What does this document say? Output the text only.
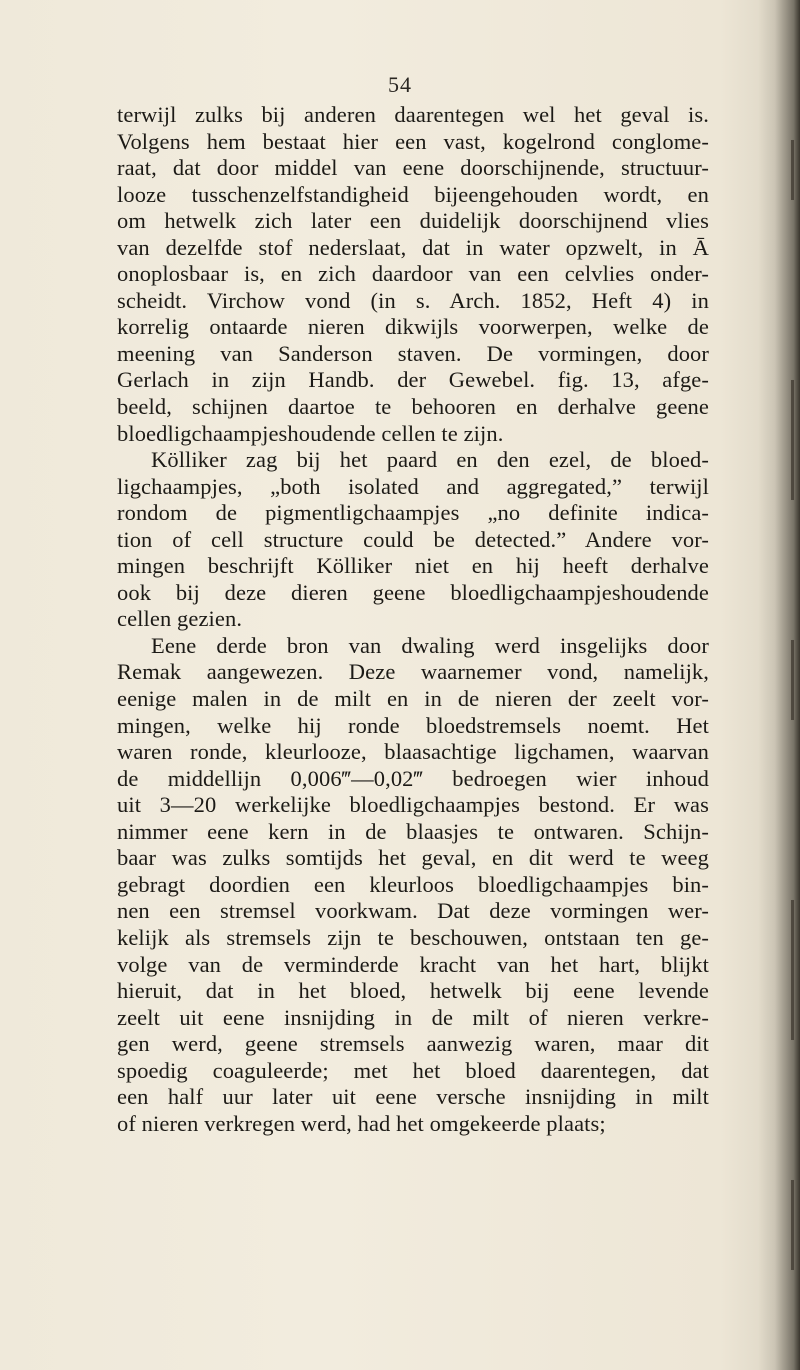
54
terwijl zulks bij anderen daarentegen wel het geval is.
Volgens hem bestaat hier een vast, kogelrond conglome-
raat, dat door middel van eene doorschijnende, structuur-
looze tusschenzelfstandigheid bijeengehouden wordt, en
om hetwelk zich later een duidelijk doorschijnend vlies
van dezelfde stof nederslaat, dat in water opzwelt, in Ā
onoplosbaar is, en zich daardoor van een celvlies onder-
scheidt. Virchow vond (in s. Arch. 1852, Heft 4) in
korrelig ontaarde nieren dikwijls voorwerpen, welke de
meening van Sanderson staven. De vormingen, door
Gerlach in zijn Handb. der Gewebel. fig. 13, afge-
beeld, schijnen daartoe te behooren en derhalve geene
bloedligchaampjeshoudende cellen te zijn.
Kölliker zag bij het paard en den ezel, de bloed-
ligchaampjes, „both isolated and aggregated,” terwijl
rondom de pigmentligchaampjes „no definite indica-
tion of cell structure could be detected.” Andere vor-
mingen beschrijft Kölliker niet en hij heeft derhalve
ook bij deze dieren geene bloedligchaampjeshoudende
cellen gezien.
Eene derde bron van dwaling werd insgelijks door
Remak aangewezen. Deze waarnemer vond, namelijk,
eenige malen in de milt en in de nieren der zeelt vor-
mingen, welke hij ronde bloedstremsels noemt. Het
waren ronde, kleurlooze, blaasachtige ligchamen, waarvan
de middellijn 0,006‴—0,02‴ bedroegen wier inhoud
uit 3—20 werkelijke bloedligchaampjes bestond. Er was
nimmer eene kern in de blaasjes te ontwaren. Schijn-
baar was zulks somtijds het geval, en dit werd te weeg
gebragt doordien een kleurloos bloedligchaampjes bin-
nen een stremsel voorkwam. Dat deze vormingen wer-
kelijk als stremsels zijn te beschouwen, ontstaan ten ge-
volge van de verminderde kracht van het hart, blijkt
hieruit, dat in het bloed, hetwelk bij eene levende
zeelt uit eene insnijding in de milt of nieren verkre-
gen werd, geene stremsels aanwezig waren, maar dit
spoedig coaguleerde; met het bloed daarentegen, dat
een half uur later uit eene versche insnijding in milt
of nieren verkregen werd, had het omgekeerde plaats;
